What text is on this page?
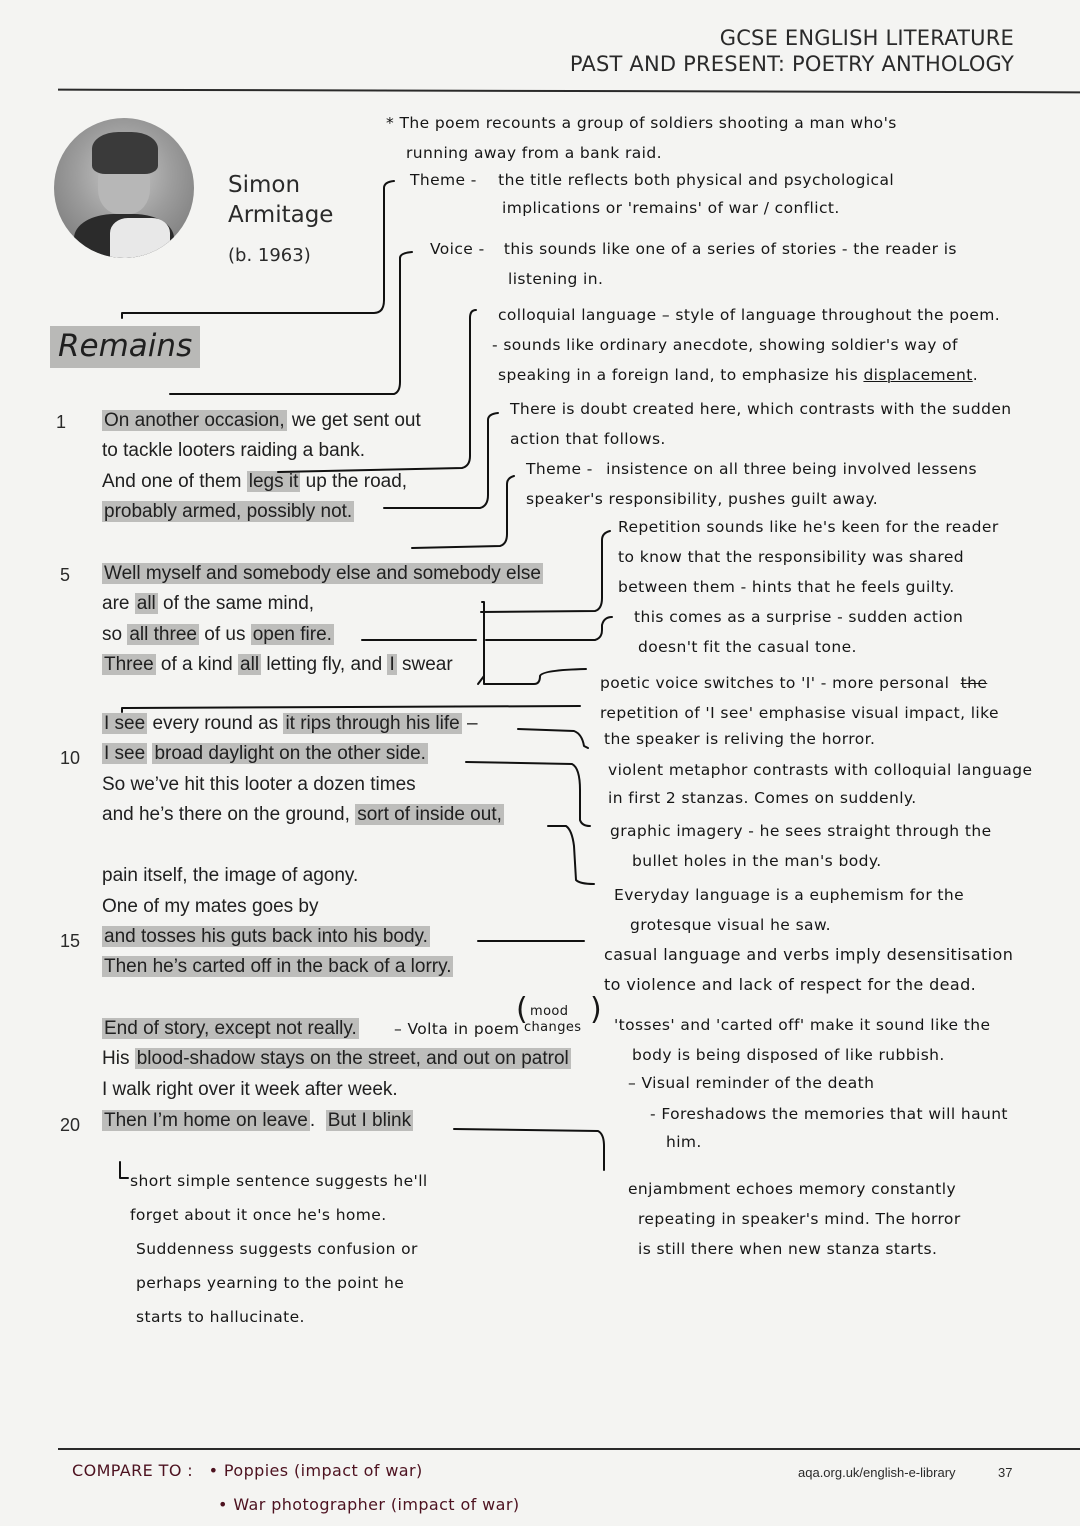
GCSE ENGLISH LITERATURE
PAST AND PRESENT: POETRY ANTHOLOGY
Simon
Armitage
(b. 1963)
Remains
1
5
10
15
20
On another occasion, we get sent out
to tackle looters raiding a bank.
And one of them legs it up the road,
probably armed, possibly not.
Well myself and somebody else and somebody else
are all of the same mind,
so all three of us open fire.
Three of a kind all letting fly, and I swear
I see every round as it rips through his life –
I see broad daylight on the other side.
So we’ve hit this looter a dozen times
and he’s there on the ground, sort of inside out,
pain itself, the image of agony.
One of my mates goes by
and tosses his guts back into his body.
Then he’s carted off in the back of a lorry.
End of story, except not really.
His blood-shadow stays on the street, and out on patrol
I walk right over it week after week.
Then I’m home on leave .  But I blink
* The poem recounts a group of soldiers shooting a man who's
running away from a bank raid.
Theme - the title reflects both physical and psychological
implications or 'remains' of war / conflict.
Voice - this sounds like one of a series of stories - the reader is
listening in.
colloquial language – style of language throughout the poem.
- sounds like ordinary anecdote, showing soldier's way of
speaking in a foreign land, to emphasize his displacement.
There is doubt created here, which contrasts with the sudden
action that follows.
Theme - insistence on all three being involved lessens
speaker's responsibility, pushes guilt away.
Repetition sounds like he's keen for the reader
to know that the responsibility was shared
between them - hints that he feels guilty.
this comes as a surprise - sudden action
doesn't fit the casual tone.
poetic voice switches to 'I' - more personal the
repetition of 'I see' emphasise visual impact, like
the speaker is reliving the horror.
violent metaphor contrasts with colloquial language
in first 2 stanzas. Comes on suddenly.
graphic imagery - he sees straight through the
bullet holes in the man's body.
Everyday language is a euphemism for the
grotesque visual he saw.
casual language and verbs imply desensitisation
to violence and lack of respect for the dead.
– Volta in poem
( mood
changes
) 'tosses' and 'carted off' make it sound like the
body is being disposed of like rubbish.
– Visual reminder of the death
- Foreshadows the memories that will haunt
him.
short simple sentence suggests he'll
forget about it once he's home.
Suddenness suggests confusion or
perhaps yearning to the point he
starts to hallucinate.
enjambment echoes memory constantly
repeating in speaker's mind. The horror
is still there when new stanza starts.
COMPARE TO : • Poppies (impact of war)
• War photographer (impact of war)
aqa.org.uk/english-e-library	37
